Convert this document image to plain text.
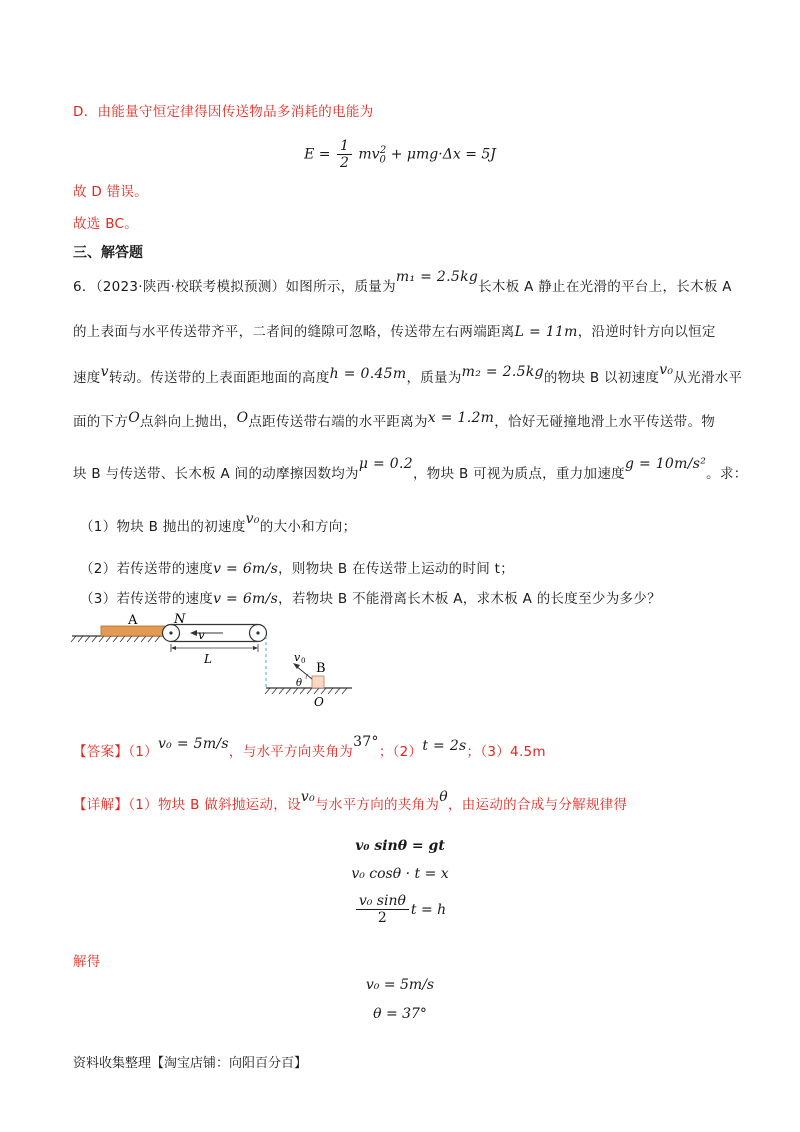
D．由能量守恒定律得因传送物品多消耗的电能为
$E = \frac{1}{2} mv_0^2 + \mu mg\cdot\Delta x = 5J$
故 D 错误。
故选 BC。
三、解答题
6．（2023·陕西·校联考模拟预测）如图所示，质量为m₁ = 2.5kg长木板 A 静止在光滑的平台上，长木板 A
的上表面与水平传送带齐平，二者间的缝隙可忽略，传送带左右两端距离L = 11m，沿逆时针方向以恒定
速度v转动。传送带的上表面距地面的高度h = 0.45m，质量为m₂ = 2.5kg的物块 B 以初速度v₀从光滑水平
面的下方O点斜向上抛出，O点距传送带右端的水平距离为x = 1.2m，恰好无碰撞地滑上水平传送带。物
块 B 与传送带、长木板 A 间的动摩擦因数均为μ = 0.2，物块 B 可视为质点，重力加速度g = 10m/s²。求：
（1）物块 B 抛出的初速度v₀的大小和方向；
（2）若传送带的速度v = 6m/s，则物块 B 在传送带上运动的时间 t；
（3）若传送带的速度v = 6m/s，若物块 B 不能滑离长木板 A，求木板 A 的长度至少为多少？
A	N
v
L
B
v 0
θ
O
【答案】（1）v₀ = 5m/s，与水平方向夹角为37°；（2）t = 2s；（3）4.5m
【详解】（1）物块 B 做斜抛运动，设v₀与水平方向的夹角为θ，由运动的合成与分解规律得
v₀ sinθ = gt
v₀ cosθ · t = x
$\frac{\text{v₀ sinθ}}{2}$ t = h
解得
v₀ = 5m/s
θ = 37°
资料收集整理【淘宝店铺：向阳百分百】
